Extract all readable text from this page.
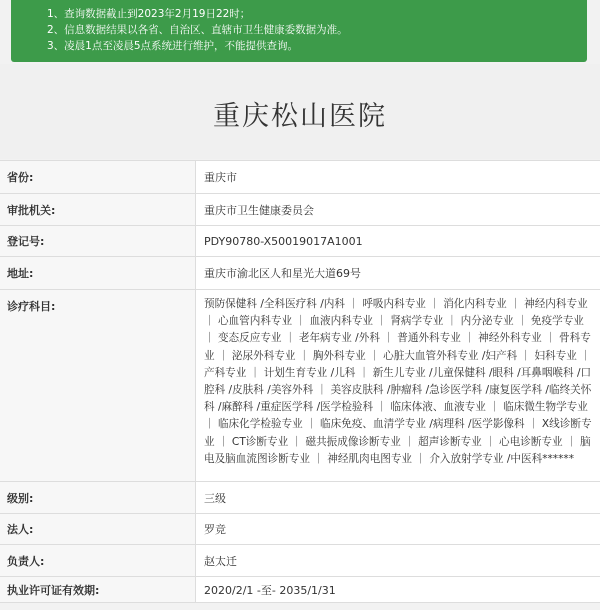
1、查询数据截止到2023年2月19日22时；
2、信息数据结果以各省、自治区、直辖市卫生健康委数据为准。
3、凌晨1点至凌晨5点系统进行维护，不能提供查询。
重庆松山医院
省份:	重庆市
审批机关:	重庆市卫生健康委员会
登记号:	PDY90780-X50019017A1001
地址:	重庆市渝北区人和星光大道69号
诊疗科目:	预防保健科 /全科医疗科 /内科 ｜ 呼吸内科专业 ｜ 消化内科专业 ｜ 神经内科专业 ｜ 心血管内科专业 ｜ 血液内科专业 ｜ 肾病学专业 ｜ 内分泌专业 ｜ 免疫学专业 ｜ 变态反应专业 ｜ 老年病专业 /外科 ｜ 普通外科专业 ｜ 神经外科专业 ｜ 骨科专业 ｜ 泌尿外科专业 ｜ 胸外科专业 ｜ 心脏大血管外科专业 /妇产科 ｜ 妇科专业 ｜ 产科专业 ｜ 计划生育专业 /儿科 ｜ 新生儿专业 /儿童保健科 /眼科 /耳鼻咽喉科 /口腔科 /皮肤科 /美容外科 ｜ 美容皮肤科 /肿瘤科 /急诊医学科 /康复医学科 /临终关怀科 /麻醉科 /重症医学科 /医学检验科 ｜ 临床体液、血液专业 ｜ 临床微生物学专业 ｜ 临床化学检验专业 ｜ 临床免疫、血清学专业 /病理科 /医学影像科 ｜ X线诊断专业 ｜ CT诊断专业 ｜ 磁共振成像诊断专业 ｜ 超声诊断专业 ｜ 心电诊断专业 ｜ 脑电及脑血流图诊断专业 ｜ 神经肌肉电图专业 ｜ 介入放射学专业 /中医科******
级别:	三级
法人:	罗竞
负责人:	赵太迁
执业许可证有效期:	2020/2/1 -至- 2035/1/31
